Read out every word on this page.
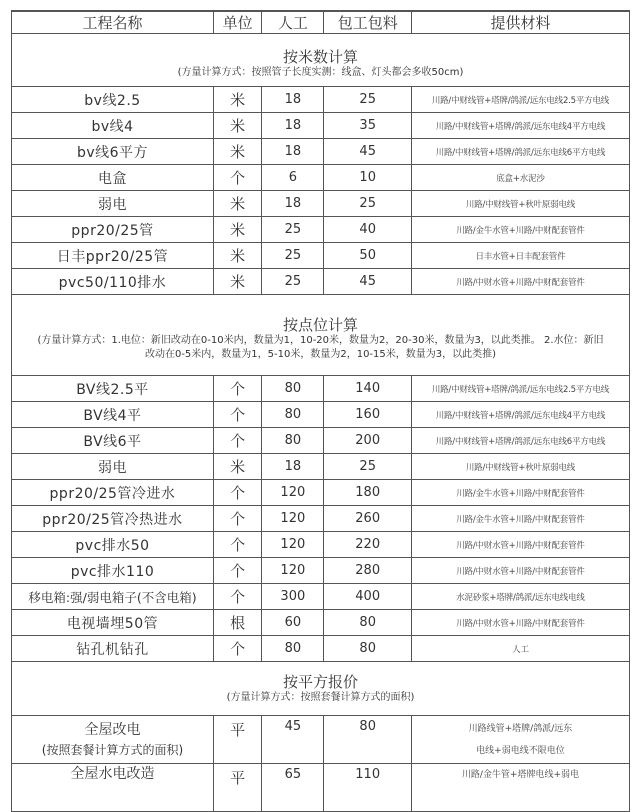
工程名称	单位	人工	包工包料	提供材料

按米数计算
(方量计算方式：按照管子长度实测：线盒、灯头都会多收50cm)				

bv线2.5	米	18	25	川路/中财线管+塔牌/鸽派/远东电线2.5平方电线
bv线4	米	18	35	川路/中财线管+塔牌/鸽派/远东电线4平方电线
bv线6平方	米	18	45	川路/中财线管+塔牌/鸽派/远东电线6平方电线
电盒	个	6	10	底盒+水泥沙
弱电	米	18	25	川路/中财线管+秋叶原弱电线
ppr20/25管	米	25	40	川路/金牛水管+川路/中财配套管件
日丰ppr20/25管	米	25	50	日丰水管+日丰配套管件
pvc50/110排水	米	25	45	川路/中财水管+川路/中财配套管件

按点位计算
(方量计算方式：1.电位：新旧改动在0-10米内，数量为1，10-20米，数量为2，20-30米，数量为3，以此类推。 2.水位：新旧改动在0-5米内，数量为1，5-10米，数量为2，10-15米，数量为3，以此类推)				

BV线2.5平	个	80	140	川路/中财线管+塔牌/鸽派/远东电线2.5平方电线
BV线4平	个	80	160	川路/中财线管+塔牌/鸽派/远东电线4平方电线
BV线6平	个	80	200	川路/中财线管+塔牌/鸽派/远东电线6平方电线
弱电	米	18	25	川路/中财线管+秋叶原弱电线
ppr20/25管冷进水	个	120	180	川路/金牛水管+川路/中财配套管件
ppr20/25管冷热进水	个	120	260	川路/金牛水管+川路/中财配套管件
pvc排水50	个	120	220	川路/中财水管+川路/中财配套管件
pvc排水110	个	120	280	川路/中财水管+川路/中财配套管件
移电箱:强/弱电箱子(不含电箱)	个	300	400	水泥砂浆+塔牌/鸽派/远东电线电线
电视墙埋50管	根	60	80	川路/中财水管+川路/中财配套管件
钻孔机钻孔	个	80	80	人工

按平方报价
(方量计算方式：按照套餐计算方式的面积)				

全屋改电
(按照套餐计算方式的面积)	平	45	80	川路线管+塔牌/鸽派/远东
电线+弱电线不限电位

全屋水电改造	平	65	110	川路/金牛管+塔牌电线+弱电
